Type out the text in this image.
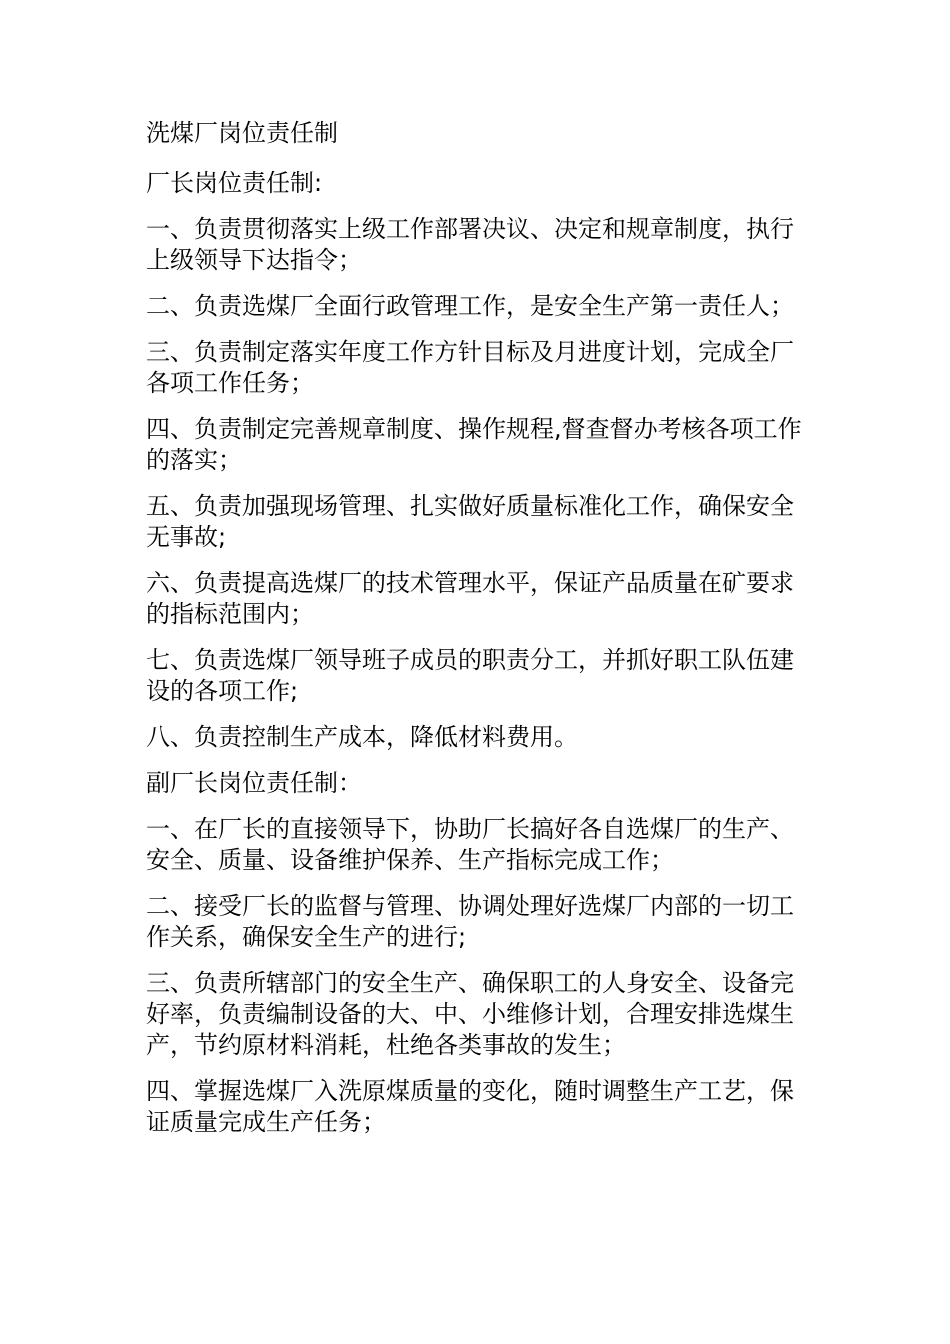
洗煤厂岗位责任制

厂长岗位责任制:

一、负责贯彻落实上级工作部署决议、决定和规章制度，执行上级领导下达指令；

二、负责选煤厂全面行政管理工作，是安全生产第一责任人；

三、负责制定落实年度工作方针目标及月进度计划，完成全厂各项工作任务；

四、负责制定完善规章制度、操作规程,督查督办考核各项工作的落实；

五、负责加强现场管理、扎实做好质量标准化工作，确保安全无事故;

六、负责提高选煤厂的技术管理水平，保证产品质量在矿要求的指标范围内；

七、负责选煤厂领导班子成员的职责分工，并抓好职工队伍建设的各项工作;

八、负责控制生产成本，降低材料费用。

副厂长岗位责任制：

一、在厂长的直接领导下，协助厂长搞好各自选煤厂的生产、安全、质量、设备维护保养、生产指标完成工作；

二、接受厂长的监督与管理、协调处理好选煤厂内部的一切工作关系，确保安全生产的进行;

三、负责所辖部门的安全生产、确保职工的人身安全、设备完好率，负责编制设备的大、中、小维修计划，合理安排选煤生产，节约原材料消耗，杜绝各类事故的发生；

四、掌握选煤厂入洗原煤质量的变化，随时调整生产工艺，保证质量完成生产任务；
